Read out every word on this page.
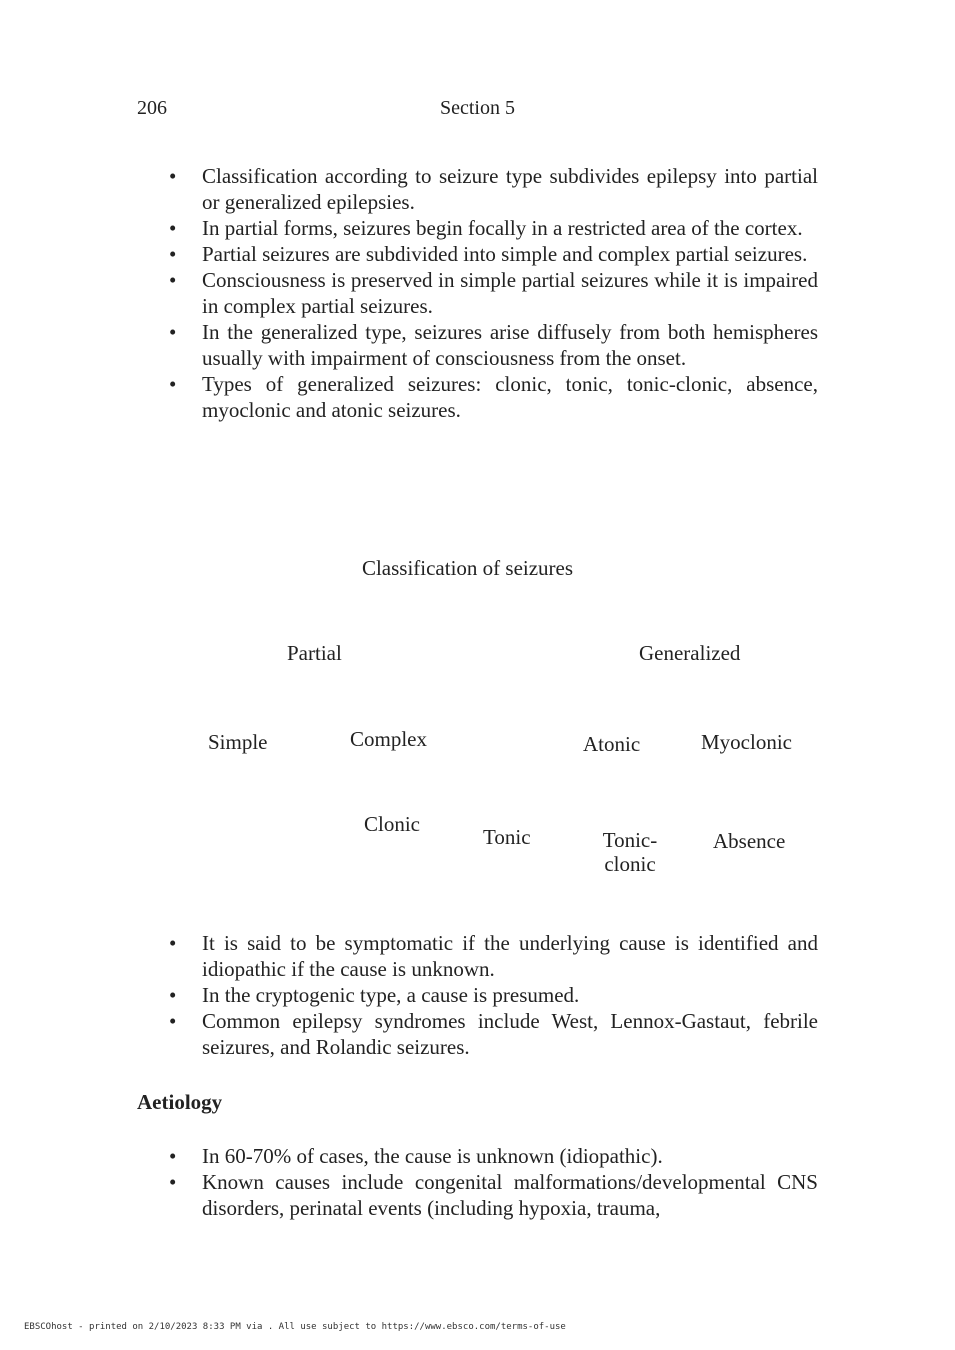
206	Section 5
• Classification according to seizure type subdivides epilepsy into partial or generalized epilepsies.
• In partial forms, seizures begin focally in a restricted area of the cortex.
• Partial seizures are subdivided into simple and complex partial seizures.
• Consciousness is preserved in simple partial seizures while it is impaired in complex partial seizures.
• In the generalized type, seizures arise diffusely from both hemispheres usually with impairment of consciousness from the onset.
• Types of generalized seizures: clonic, tonic, tonic-clonic, absence, myoclonic and atonic seizures.
Classification of seizures
Partial	Generalized
Simple	Complex	Atonic	Myoclonic
Clonic
Tonic	Tonic-
clonic
Absence
• It is said to be symptomatic if the underlying cause is identified and idiopathic if the cause is unknown.
• In the cryptogenic type, a cause is presumed.
• Common epilepsy syndromes include West, Lennox-Gastaut, febrile seizures, and Rolandic seizures.
Aetiology
• In 60-70% of cases, the cause is unknown (idiopathic).
• Known causes include congenital malformations/developmental CNS disorders, perinatal events (including hypoxia, trauma,
EBSCOhost - printed on 2/10/2023 8:33 PM via . All use subject to https://www.ebsco.com/terms-of-use
